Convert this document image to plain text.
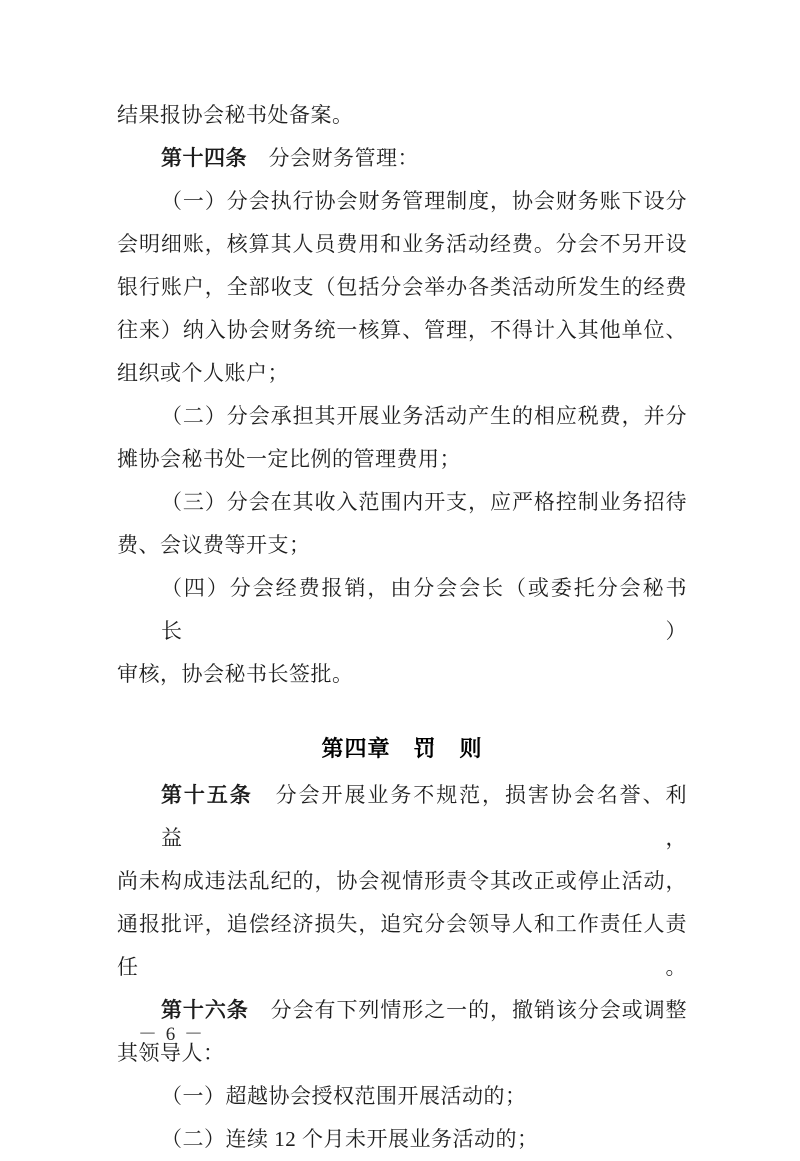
结果报协会秘书处备案。
第十四条　分会财务管理：
（一）分会执行协会财务管理制度，协会财务账下设分
会明细账，核算其人员费用和业务活动经费。分会不另开设
银行账户，全部收支（包括分会举办各类活动所发生的经费
往来）纳入协会财务统一核算、管理，不得计入其他单位、
组织或个人账户；
（二）分会承担其开展业务活动产生的相应税费，并分
摊协会秘书处一定比例的管理费用；
（三）分会在其收入范围内开支，应严格控制业务招待
费、会议费等开支；
（四）分会经费报销，由分会会长（或委托分会秘书长）
审核，协会秘书长签批。
第四章　罚　则
第十五条　分会开展业务不规范，损害协会名誉、利益，
尚未构成违法乱纪的，协会视情形责令其改正或停止活动，
通报批评，追偿经济损失，追究分会领导人和工作责任人责任。
第十六条　分会有下列情形之一的，撤销该分会或调整
其领导人：
（一）超越协会授权范围开展活动的；
（二）连续 12 个月未开展业务活动的；
－ 6 －
